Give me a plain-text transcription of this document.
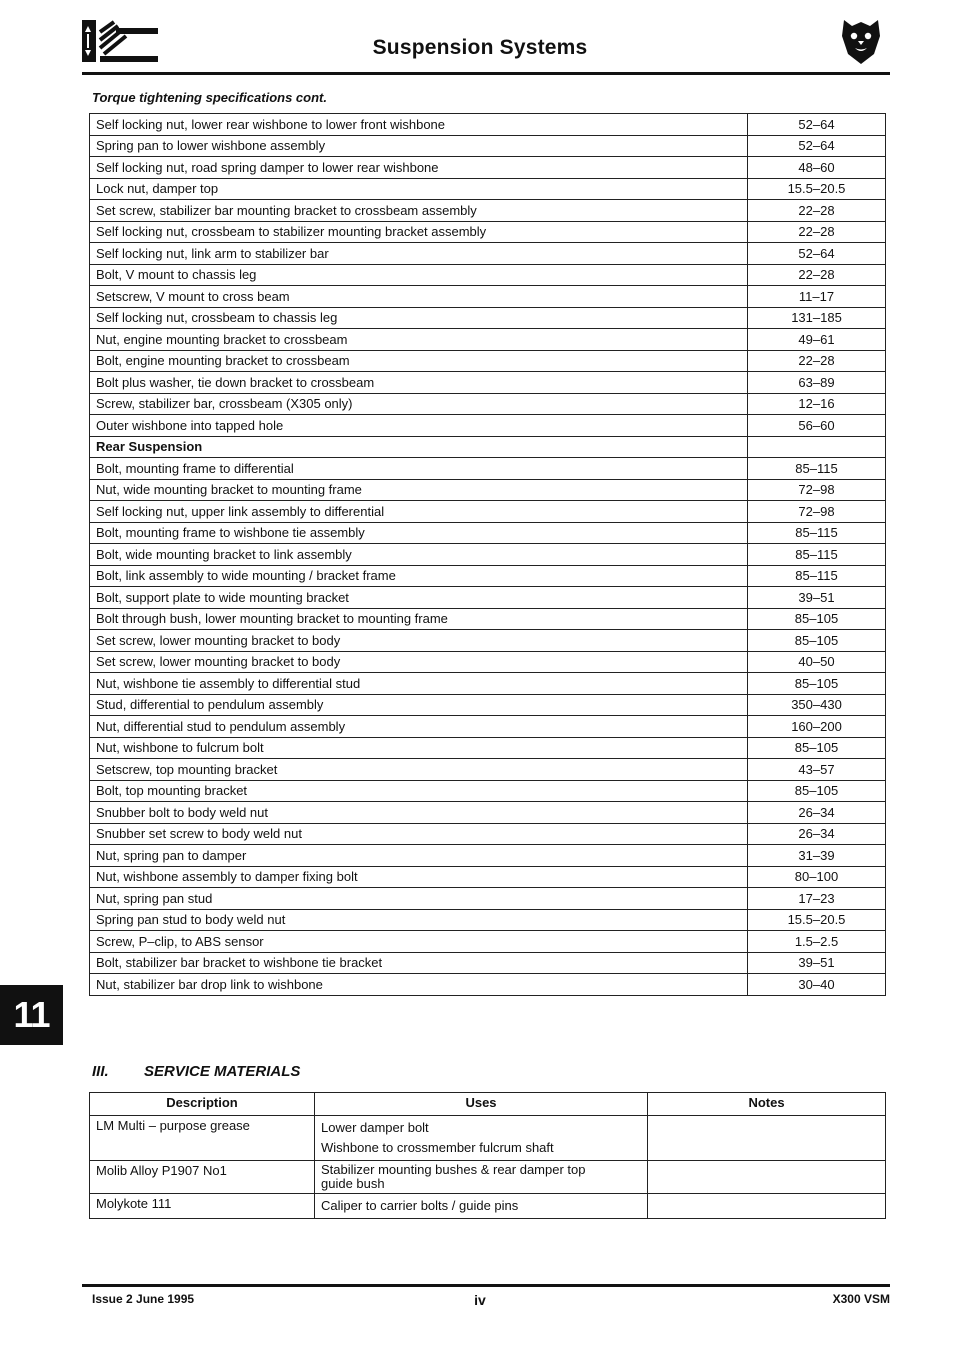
Suspension Systems
Torque tightening specifications cont.
Self locking nut, lower rear wishbone to lower front wishbone	52–64
Spring pan to lower wishbone assembly	52–64
Self locking nut, road spring damper to lower rear wishbone	48–60
Lock nut, damper top	15.5–20.5
Set screw, stabilizer bar mounting bracket to crossbeam assembly	22–28
Self locking nut, crossbeam to stabilizer mounting bracket assembly	22–28
Self locking nut, link arm to stabilizer bar	52–64
Bolt, V mount to chassis leg	22–28
Setscrew, V mount to cross beam	11–17
Self locking nut, crossbeam to chassis leg	131–185
Nut, engine mounting bracket to crossbeam	49–61
Bolt, engine mounting bracket to crossbeam	22–28
Bolt plus washer, tie down bracket to crossbeam	63–89
Screw, stabilizer bar, crossbeam (X305 only)	12–16
Outer wishbone into tapped hole	56–60
Rear Suspension	
Bolt, mounting frame to differential	85–115
Nut, wide mounting bracket to mounting frame	72–98
Self locking nut, upper link assembly to differential	72–98
Bolt, mounting frame to wishbone tie assembly	85–115
Bolt, wide mounting bracket to link assembly	85–115
Bolt, link assembly to wide mounting / bracket frame	85–115
Bolt, support plate to wide mounting bracket	39–51
Bolt through bush, lower mounting bracket to mounting frame	85–105
Set screw, lower mounting bracket to body	85–105
Set screw, lower mounting bracket to body	40–50
Nut, wishbone tie assembly to differential stud	85–105
Stud, differential to pendulum assembly	350–430
Nut, differential stud to pendulum assembly	160–200
Nut, wishbone to fulcrum bolt	85–105
Setscrew, top mounting bracket	43–57
Bolt, top mounting bracket	85–105
Snubber bolt to body weld nut	26–34
Snubber set screw to body weld nut	26–34
Nut, spring pan to damper	31–39
Nut, wishbone assembly to damper fixing bolt	80–100
Nut, spring pan stud	17–23
Spring pan stud to body weld nut	15.5–20.5
Screw, P–clip, to ABS sensor	1.5–2.5
Bolt, stabilizer bar bracket to wishbone tie bracket	39–51
Nut, stabilizer bar drop link to wishbone	30–40
11
III. SERVICE MATERIALS
Description	Uses	Notes
LM Multi – purpose grease	Lower damper bolt
Wishbone to crossmember fulcrum shaft	

Molib Alloy P1907 No1	Stabilizer mounting bushes & rear damper top
guide bush	

Molykote 111	Caliper to carrier bolts / guide pins	

Issue 2 June 1995	iv	X300 VSM
